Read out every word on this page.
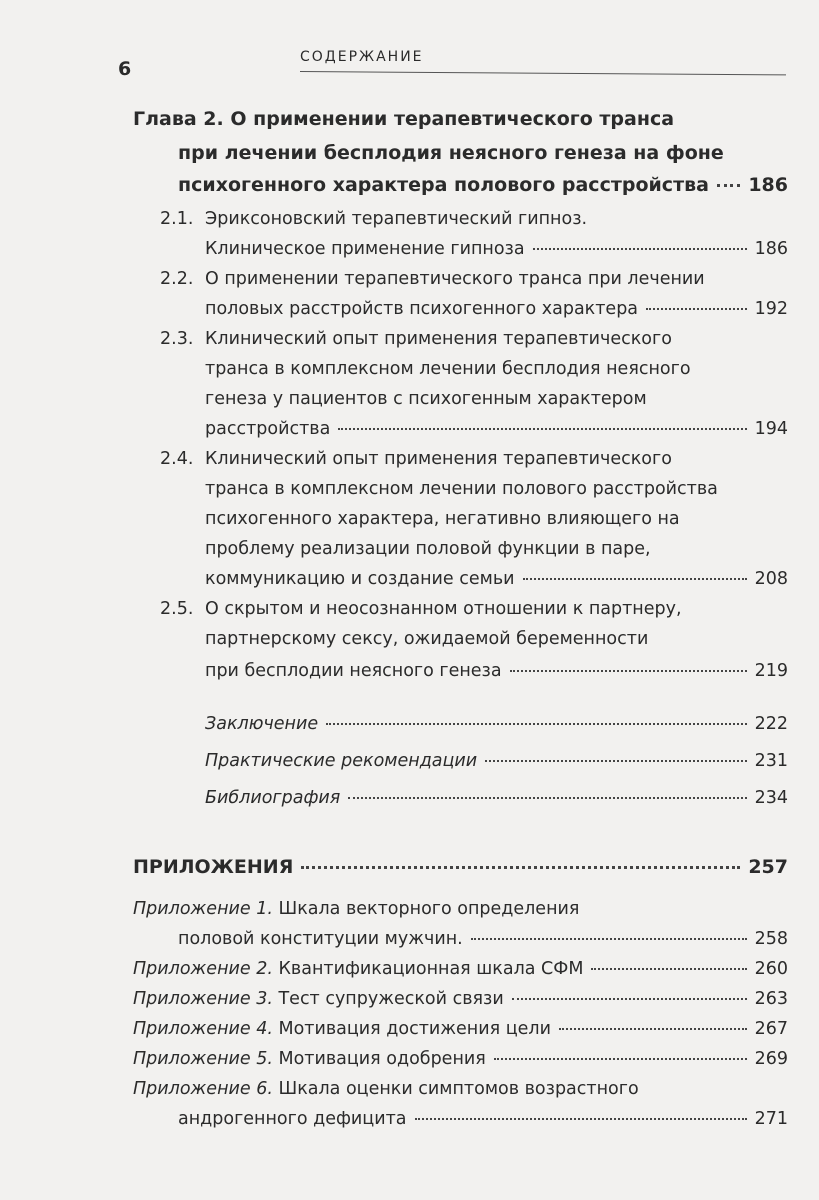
6
СОДЕРЖАНИЕ
Глава 2. О применении терапевтического транса
при лечении бесплодия неясного генеза на фоне
психогенного характера полового расстройства 186
2.1. Эриксоновский терапевтический гипноз.
Клиническое применение гипноза	186
2.2. О применении терапевтического транса при лечении
половых расстройств психогенного характера	192
2.3. Клинический опыт применения терапевтического
транса в комплексном лечении бесплодия неясного
генеза у пациентов с психогенным характером
расстройства	194
2.4. Клинический опыт применения терапевтического
транса в комплексном лечении полового расстройства
психогенного характера, негативно влияющего на
проблему реализации половой функции в паре,
коммуникацию и создание семьи	208
2.5. О скрытом и неосознанном отношении к партнеру,
партнерскому сексу, ожидаемой беременности
при бесплодии неясного генеза	219
Заключение	222
Практические рекомендации	231
Библиография	234
ПРИЛОЖЕНИЯ	257
Приложение 1. Шкала векторного определения
половой конституции мужчин.	258
Приложение 2. Квантификационная шкала СФМ	260
Приложение 3. Тест супружеской связи	263
Приложение 4. Мотивация достижения цели	267
Приложение 5. Мотивация одобрения	269
Приложение 6. Шкала оценки симптомов возрастного
андрогенного дефицита	271
